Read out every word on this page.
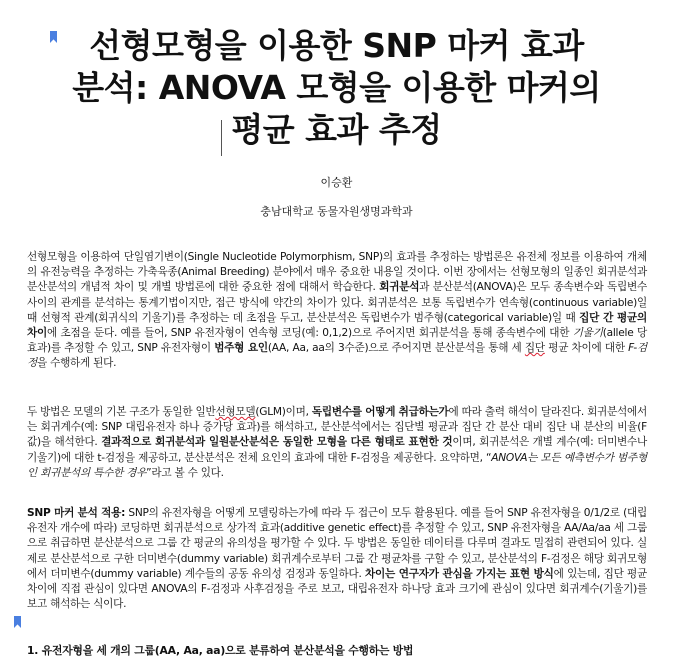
선형모형을 이용한 SNP 마커 효과
분석: ANOVA 모형을 이용한 마커의
평균 효과 추정
이승환
충남대학교 동물자원생명과학과
선형모형을 이용하여 단일염기변이(Single Nucleotide Polymorphism, SNP)의 효과를 추정하는 방법론은 유전체 정보를 이용하여 개체의 유전능력을 추정하는 가축육종(Animal Breeding) 분야에서 매우 중요한 내용일 것이다. 이번 장에서는 선형모형의 일종인 회귀분석과 분산분석의 개념적 차이 및 개별 방법론에 대한 중요한 점에 대해서 학습한다. 회귀분석과 분산분석(ANOVA)은 모두 종속변수와 독립변수 사이의 관계를 분석하는 통계기법이지만, 접근 방식에 약간의 차이가 있다. 회귀분석은 보통 독립변수가 연속형(continuous variable)일 때 선형적 관계(회귀식의 기울기)를 추정하는 데 초점을 두고, 분산분석은 독립변수가 범주형(categorical variable)일 때 집단 간 평균의 차이에 초점을 둔다. 예를 들어, SNP 유전자형이 연속형 코딩(예: 0,1,2)으로 주어지면 회귀분석을 통해 종속변수에 대한 기울기(allele 당 효과)를 추정할 수 있고, SNP 유전자형이 범주형 요인(AA, Aa, aa의 3수준)으로 주어지면 분산분석을 통해 세 집단 평균 차이에 대한 F-검정을 수행하게 된다.
두 방법은 모델의 기본 구조가 동일한 일반선형모델(GLM)이며, 독립변수를 어떻게 취급하는가에 따라 출력 해석이 달라진다. 회귀분석에서는 회귀계수(예: SNP 대립유전자 하나 증가당 효과)를 해석하고, 분산분석에서는 집단별 평균과 집단 간 분산 대비 집단 내 분산의 비율(F값)을 해석한다. 결과적으로 회귀분석과 일원분산분석은 동일한 모형을 다른 형태로 표현한 것이며, 회귀분석은 개별 계수(예: 더미변수나 기울기)에 대한 t-검정을 제공하고, 분산분석은 전체 요인의 효과에 대한 F-검정을 제공한다. 요약하면, “ANOVA는 모든 예측변수가 범주형인 회귀분석의 특수한 경우”라고 볼 수 있다.
SNP 마커 분석 적용: SNP의 유전자형을 어떻게 모델링하는가에 따라 두 접근이 모두 활용된다. 예를 들어 SNP 유전자형을 0/1/2로 (대립유전자 개수에 따라) 코딩하면 회귀분석으로 상가적 효과(additive genetic effect)를 추정할 수 있고, SNP 유전자형을 AA/Aa/aa 세 그룹으로 취급하면 분산분석으로 그룹 간 평균의 유의성을 평가할 수 있다. 두 방법은 동일한 데이터를 다루며 결과도 밀접히 관련되어 있다. 실제로 분산분석으로 구한 더미변수(dummy variable) 회귀계수로부터 그룹 간 평균차를 구할 수 있고, 분산분석의 F-검정은 해당 회귀모형에서 더미변수(dummy variable) 계수들의 공동 유의성 검정과 동일하다. 차이는 연구자가 관심을 가지는 표현 방식에 있는데, 집단 평균 차이에 직접 관심이 있다면 ANOVA의 F-검정과 사후검정을 주로 보고, 대립유전자 하나당 효과 크기에 관심이 있다면 회귀계수(기울기)를 보고 해석하는 식이다.
1. 유전자형을 세 개의 그룹(AA, Aa, aa)으로 분류하여 분산분석을 수행하는 방법
